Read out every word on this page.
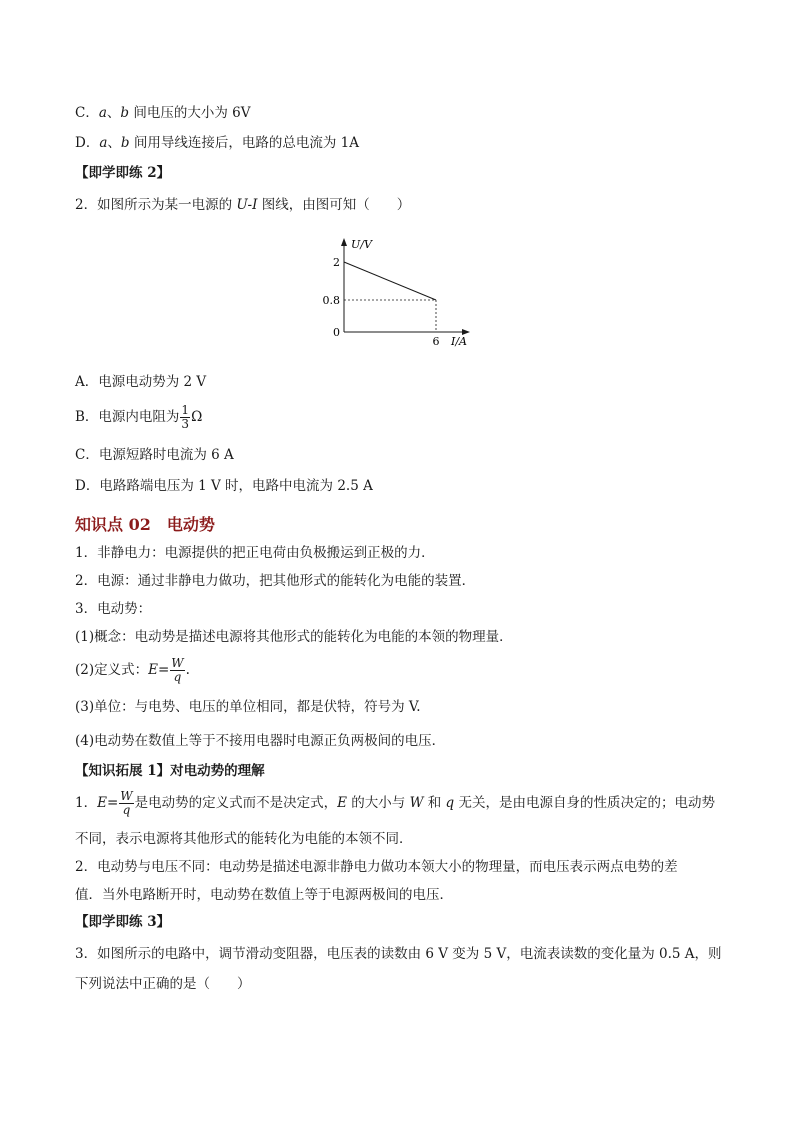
C．a、b 间电压的大小为 6V
D．a、b 间用导线连接后，电路的总电流为 1A
【即学即练 2】
2．如图所示为某一电源的 U-I 图线，由图可知（　　）
U/V
I/A
2
0.8
0
6
A．电源电动势为 2 V
B．电源内电阻为 $\frac{1}{3}$ Ω
C．电源短路时电流为 6 A
D．电路路端电压为 1 V 时，电路中电流为 2.5 A
知识点 02　电动势
1．非静电力：电源提供的把正电荷由负极搬运到正极的力．
2．电源：通过非静电力做功，把其他形式的能转化为电能的装置．
3．电动势：
(1)概念：电动势是描述电源将其他形式的能转化为电能的本领的物理量．
(2)定义式：$E= \frac{W}{q}$ .
(3)单位：与电势、电压的单位相同，都是伏特，符号为 V.
(4)电动势在数值上等于不接用电器时电源正负两极间的电压．
【知识拓展 1】对电动势的理解
1．$E= \frac{W}{q}$ 是电动势的定义式而不是决定式，E 的大小与 W 和 q 无关，是由电源自身的性质决定的；电动势
不同，表示电源将其他形式的能转化为电能的本领不同．
2．电动势与电压不同：电动势是描述电源非静电力做功本领大小的物理量，而电压表示两点电势的差
值．当外电路断开时，电动势在数值上等于电源两极间的电压．
【即学即练 3】
3．如图所示的电路中，调节滑动变阻器，电压表的读数由 6 V 变为 5 V，电流表读数的变化量为 0.5 A，则
下列说法中正确的是（　　）
